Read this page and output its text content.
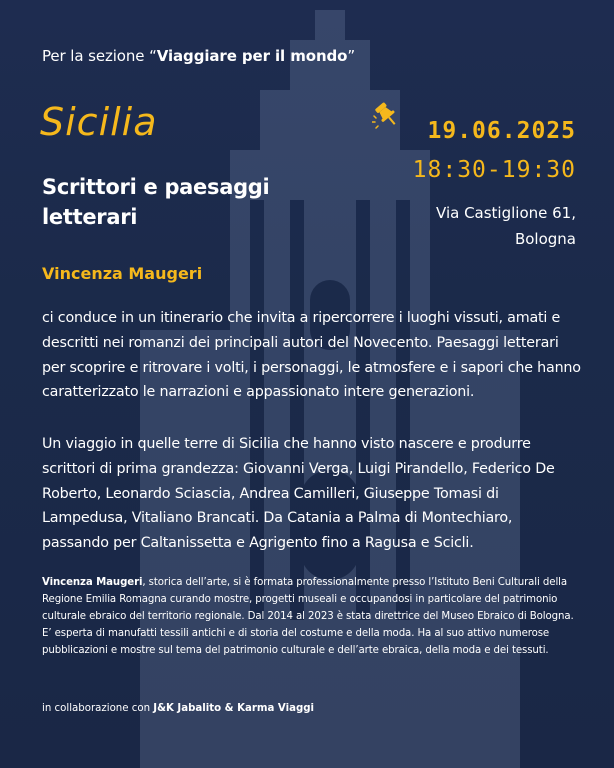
Per la sezione “Viaggiare per il mondo”
Sicilia
Scrittori e paesaggi letterari
19.06.2025
18:30-19:30
Via Castiglione 61,
Bologna
Vincenza Maugeri

ci conduce in un itinerario che invita a ripercorrere i luoghi vissuti, amati e descritti nei romanzi dei principali autori del Novecento. Paesaggi letterari per scoprire e ritrovare i volti, i personaggi, le atmosfere e i sapori che hanno caratterizzato le narrazioni e appassionato intere generazioni.

Un viaggio in quelle terre di Sicilia che hanno visto nascere e produrre scrittori di prima grandezza: Giovanni Verga, Luigi Pirandello, Federico De Roberto, Leonardo Sciascia, Andrea Camilleri, Giuseppe Tomasi di Lampedusa, Vitaliano Brancati. Da Catania a Palma di Montechiaro, passando per Caltanissetta e Agrigento fino a Ragusa e Scicli.

Vincenza Maugeri, storica dell’arte, si è formata professionalmente presso l’Istituto Beni Culturali della Regione Emilia Romagna curando mostre, progetti museali e occupandosi in particolare del patrimonio culturale ebraico del territorio regionale. Dal 2014 al 2023 è stata direttrice del Museo Ebraico di Bologna. E’ esperta di manufatti tessili antichi e di storia del costume e della moda. Ha al suo attivo numerose pubblicazioni e mostre sul tema del patrimonio culturale e dell’arte ebraica, della moda e dei tessuti.

in collaborazione con J&K Jabalito & Karma Viaggi
